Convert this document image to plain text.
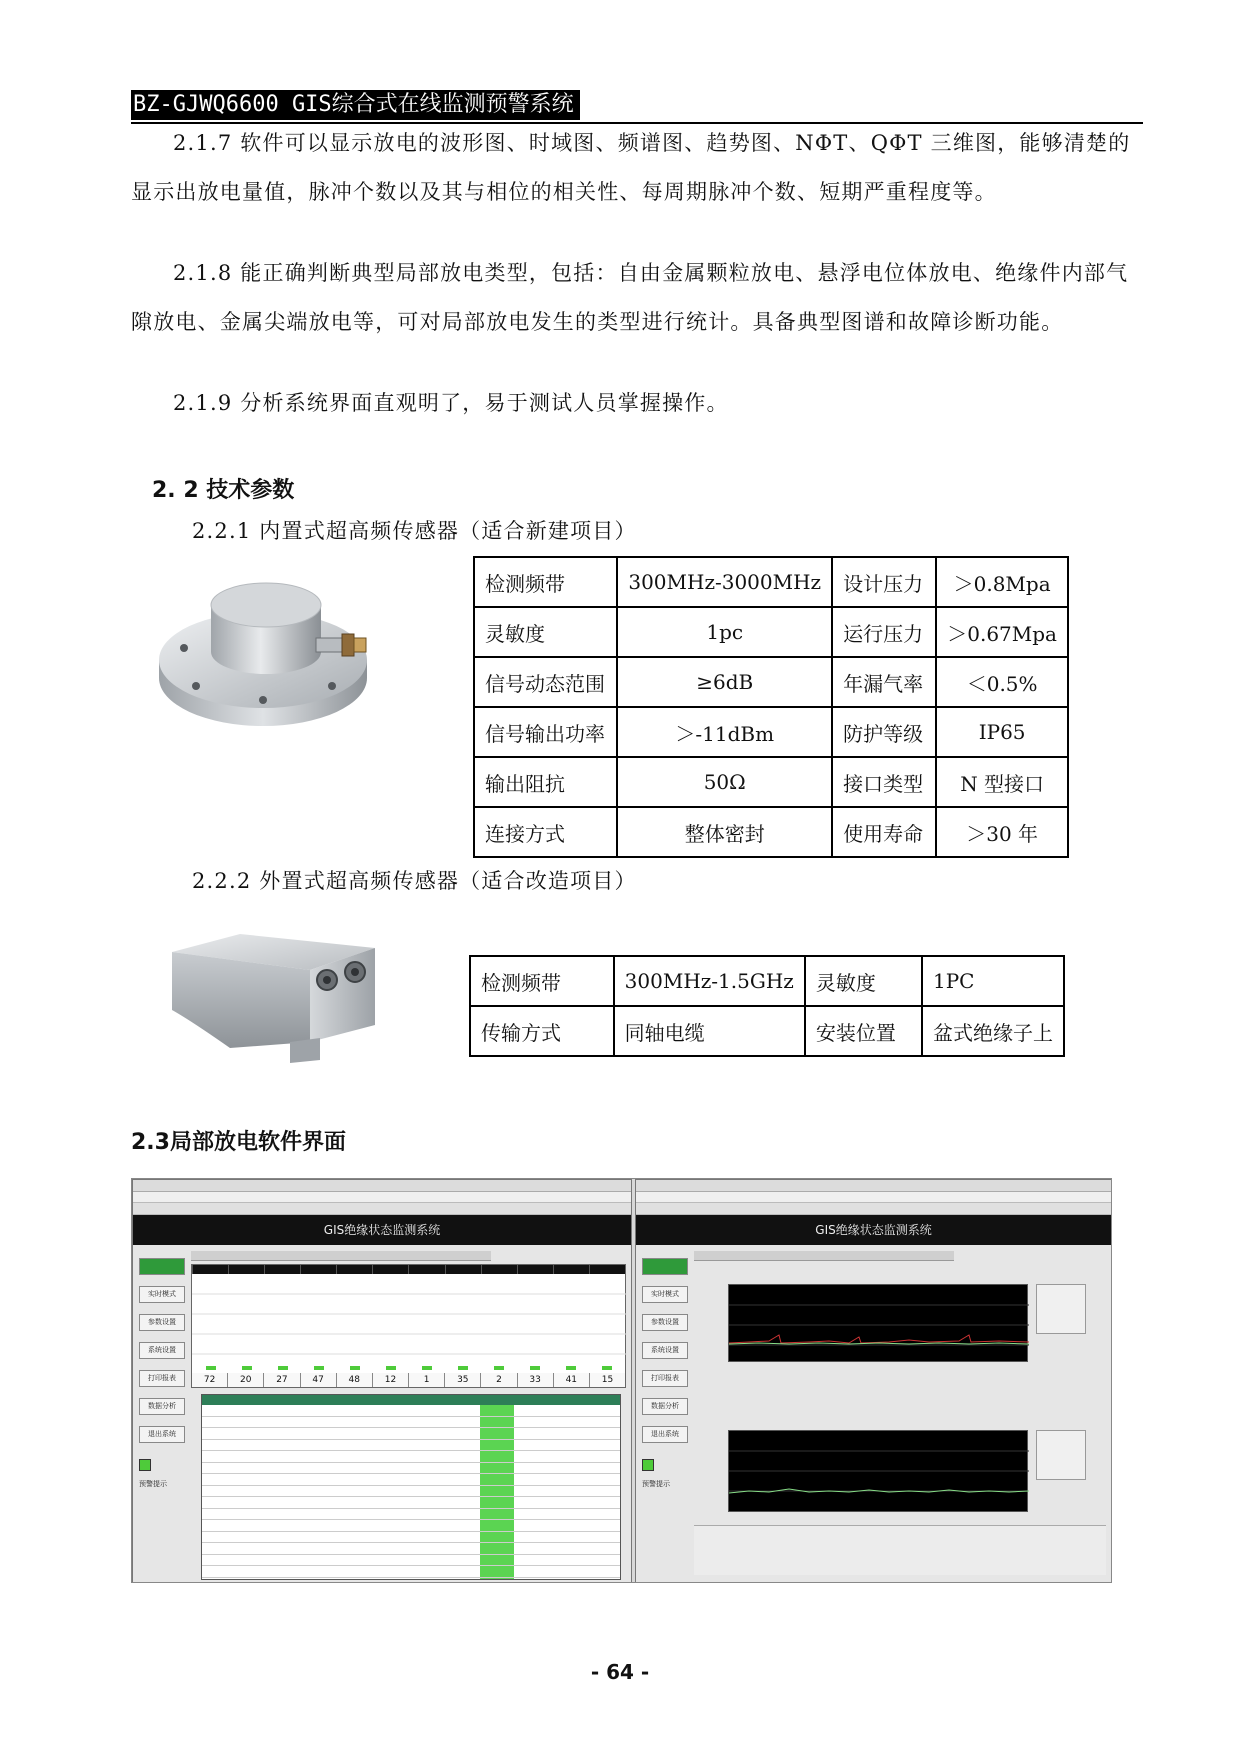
BZ-GJWQ6600 GIS综合式在线监测预警系统
2.1.7 软件可以显示放电的波形图、时域图、频谱图、趋势图、NΦT、QΦT 三维图，能够清楚的显示出放电量值，脉冲个数以及其与相位的相关性、每周期脉冲个数、短期严重程度等。
2.1.8 能正确判断典型局部放电类型，包括：自由金属颗粒放电、悬浮电位体放电、绝缘件内部气隙放电、金属尖端放电等，可对局部放电发生的类型进行统计。具备典型图谱和故障诊断功能。
2.1.9 分析系统界面直观明了，易于测试人员掌握操作。
2. 2 技术参数
2.2.1 内置式超高频传感器（适合新建项目）
检测频带	300MHz-3000MHz	设计压力	＞0.8Mpa
灵敏度	1pc	运行压力	＞0.67Mpa
信号动态范围	≥6dB	年漏气率	＜0.5%
信号输出功率	＞-11dBm	防护等级	IP65
输出阻抗	50Ω	接口类型	N 型接口
连接方式	整体密封	使用寿命	＞30 年
2.2.2 外置式超高频传感器（适合改造项目）
检测频带	300MHz-1.5GHz	灵敏度	1PC
传输方式	同轴电缆	安装位置	盆式绝缘子上
2.3局部放电软件界面
GIS绝缘状态监测系统
实时模式
参数设置
系统设置
打印报表
数据分析
退出系统
预警提示
72	20	27	47	48	12	1	35	2	33	41	15
GIS绝缘状态监测系统
实时模式
参数设置
系统设置
打印报表
数据分析
退出系统
预警提示
- 64 -
